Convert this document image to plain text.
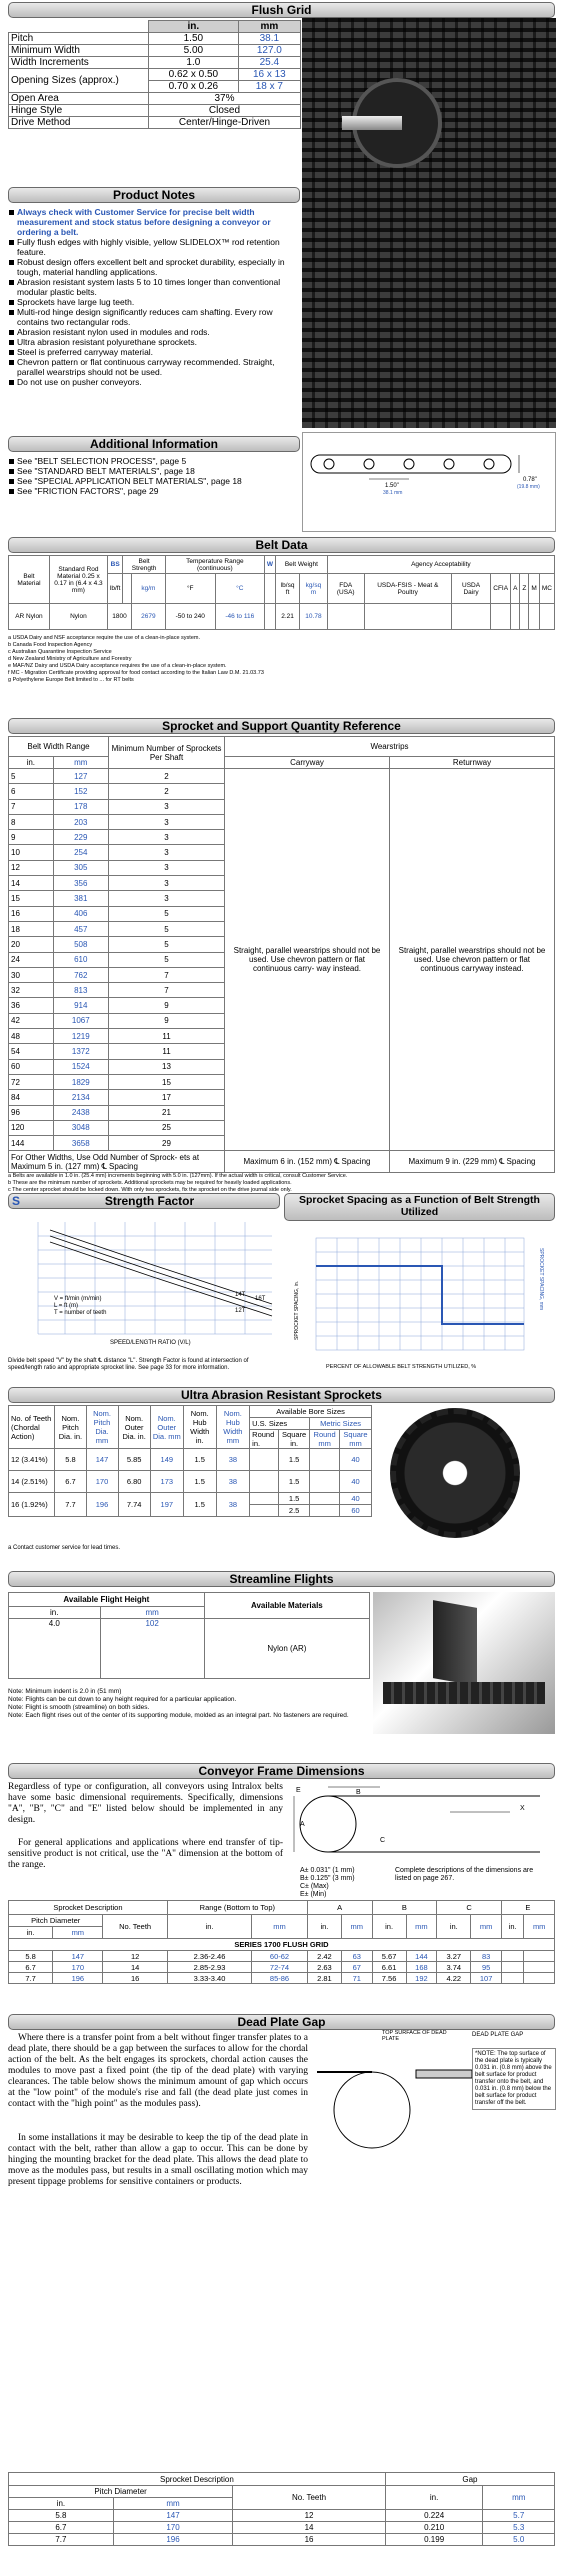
Flush Grid
	in.	mm
Pitch	1.50	38.1
Minimum Width	5.00	127.0
Width Increments	1.0	25.4
Opening Sizes (approx.)	0.62 x 0.50	16 x 13
	0.70 x 0.26	18 x 7
Open Area	37%	
Hinge Style	Closed	
Drive Method	Center/Hinge-Driven	
Product Notes
Always check with Customer Service for precise belt width measurement and stock status before designing a conveyor or ordering a belt.
Fully flush edges with highly visible, yellow SLIDELOX™ rod retention feature.
Robust design offers excellent belt and sprocket durability, especially in tough, material handling applications.
Abrasion resistant system lasts 5 to 10 times longer than conventional modular plastic belts.
Sprockets have large lug teeth.
Multi-rod hinge design significantly reduces cam shafting. Every row contains two rectangular rods.
Abrasion resistant nylon used in modules and rods.
Ultra abrasion resistant polyurethane sprockets.
Steel is preferred carryway material.
Chevron pattern or flat continuous carryway recommended. Straight, parallel wearstrips should not be used.
Do not use on pusher conveyors.
Additional Information
See "BELT SELECTION PROCESS", page 5
See "STANDARD BELT MATERIALS", page 18
See "SPECIAL APPLICATION BELT MATERIALS", page 18
See "FRICTION FACTORS", page 29
0.78"
(19.8 mm)
1.50"
38.1 mm
Belt Data
Belt Material	Standard Rod Material 0.25 x 0.17 in (6.4 x 4.3 mm)	BS	Belt Strength		Temperature Range (continuous)		W	Belt Weight		Agency Acceptability							
		lb/ft		kg/m	°F	°C		lb/sq ft	kg/sq m	FDA (USA)	USDA-FSIS - Meat & Poultry	USDA Dairy	CFIA	A	Z	M	MC
AR Nylon	Nylon	1800		2679	-50 to 240	-46 to 116		2.21	10.78								
a USDA Dairy and NSF acceptance require the use of a clean-in-place system.
b Canada Food Inspection Agency
c Australian Quarantine Inspection Service
d New Zealand Ministry of Agriculture and Forestry
e MAF/NZ Dairy and USDA Dairy acceptance requires the use of a clean-in-place system.
f MC - Migration Certificate providing approval for food contact according to the Italian Law D.M. 21.03.73
g Polyethylene Europe Belt limited to ... for RT belts
Sprocket and Support Quantity Reference
Belt Width Range		Minimum Number of Sprockets Per Shaft	Wearstrips	
in.	mm		Carryway	Returnway
5	127	2	Straight, parallel wearstrips should not be used. Use chevron pattern or flat continuous carry- way instead.	Straight, parallel wearstrips should not be used. Use chevron pattern or flat continuous carryway instead.
6	152	2		
7	178	3		
8	203	3		
9	229	3		
10	254	3		
12	305	3		
14	356	3		
15	381	3		
16	406	5		
18	457	5		
20	508	5		
24	610	5		
30	762	7		
32	813	7		
36	914	9		
42	1067	9		
48	1219	11		
54	1372	11		
60	1524	13		
72	1829	15		
84	2134	17		
96	2438	21		
120	3048	25		
144	3658	29		
For Other Widths, Use Odd Number of Sprock- ets at Maximum 5 in. (127 mm) ℄ Spacing			Maximum 6 in. (152 mm) ℄ Spacing	Maximum 9 in. (229 mm) ℄ Spacing
a Belts are available in 1.0 in. (25.4 mm) increments beginning with 5.0 in. (127mm). If the actual width is critical, consult Customer Service.
b These are the minimum number of sprockets. Additional sprockets may be required for heavily loaded applications.
c The center sprocket should be locked down. With only two sprockets, fix the sprocket on the drive journal side only.
S	Strength Factor
14T
16T
12T
V = ft/min (m/min)
L = ft (m)
T = number of teeth
SPEED/LENGTH RATIO (V/L)
Divide belt speed "V" by the shaft ℄ distance "L". Strength Factor is found at intersection of speed/length ratio and appropriate sprocket line. See page 33 for more information.
Sprocket Spacing as a Function of Belt Strength Utilized
SPROCKET SPACING, in.
SPROCKET SPACING, mm
PERCENT OF ALLOWABLE BELT STRENGTH UTILIZED, %
Ultra Abrasion Resistant Sprockets
No. of Teeth (Chordal Action)	Nom. Pitch Dia. in.	Nom. Pitch Dia. mm	Nom. Outer Dia. in.	Nom. Outer Dia. mm	Nom. Hub Width in.	Nom. Hub Width mm	Available Bore Sizes			
							U.S. Sizes		Metric Sizes	
							Round in.	Square in.	Round mm	Square mm
12 (3.41%)	5.8	147	5.85	149	1.5	38		1.5		40
14 (2.51%)	6.7	170	6.80	173	1.5	38		1.5		40
16 (1.92%)	7.7	196	7.74	197	1.5	38		1.5		40
								2.5		60
a Contact customer service for lead times.
Streamline Flights
Available Flight Height		Available Materials
in.	mm	
4.0	102	Nylon (AR)
Note: Minimum indent is 2.0 in (51 mm)
Note: Flights can be cut down to any height required for a particular application.
Note: Flight is smooth (streamline) on both sides.
Note: Each flight rises out of the center of its supporting module, molded as an integral part. No fasteners are required.
Conveyor Frame Dimensions
Regardless of type or configuration, all conveyors using Intralox belts have some basic dimensional requirements. Specifically, dimensions "A", "B", "C" and "E" listed below should be implemented in any design.
For general applications and applications where end transfer of tip-sensitive product is not critical, use the "A" dimension at the bottom of the range.
E	B
A
C
X
A± 0.031" (1 mm)
B± 0.125" (3 mm)
C± (Max)
E± (Min)
Complete descriptions of the dimensions are listed on page 267.
Sprocket Description			Range (Bottom to Top)		A		B		C		E	
Pitch Diameter		No. Teeth	in.	mm	in.	mm	in.	mm	in.	mm	in.	mm
in.	mm											
SERIES 1700 FLUSH GRID												
5.8	147	12	2.36-2.46	60-62	2.42	63	5.67	144	3.27	83		
6.7	170	14	2.85-2.93	72-74	2.63	67	6.61	168	3.74	95		
7.7	196	16	3.33-3.40	85-86	2.81	71	7.56	192	4.22	107		
Dead Plate Gap
Where there is a transfer point from a belt without finger transfer plates to a dead plate, there should be a gap between the surfaces to allow for the chordal action of the belt. As the belt engages its sprockets, chordal action causes the modules to move past a fixed point (the tip of the dead plate) with varying clearances. The table below shows the minimum amount of gap which occurs at the "low point" of the module's rise and fall (the dead plate just comes in contact with the "high point" as the modules pass).
In some installations it may be desirable to keep the tip of the dead plate in contact with the belt, rather than allow a gap to occur. This can be done by hinging the mounting bracket for the dead plate. This allows the dead plate to move as the modules pass, but results in a small oscillating motion which may present tippage problems for sensitive containers or products.
TOP SURFACE OF DEAD PLATE
DEAD PLATE GAP
*NOTE: The top surface of the dead plate is typically 0.031 in. (0.8 mm) above the belt surface for product transfer onto the belt, and 0.031 in. (0.8 mm) below the belt surface for product transfer off the belt.
Sprocket Description			Gap	
Pitch Diameter		No. Teeth	in.	mm
in.	mm			
5.8	147	12	0.224	5.7
6.7	170	14	0.210	5.3
7.7	196	16	0.199	5.0
